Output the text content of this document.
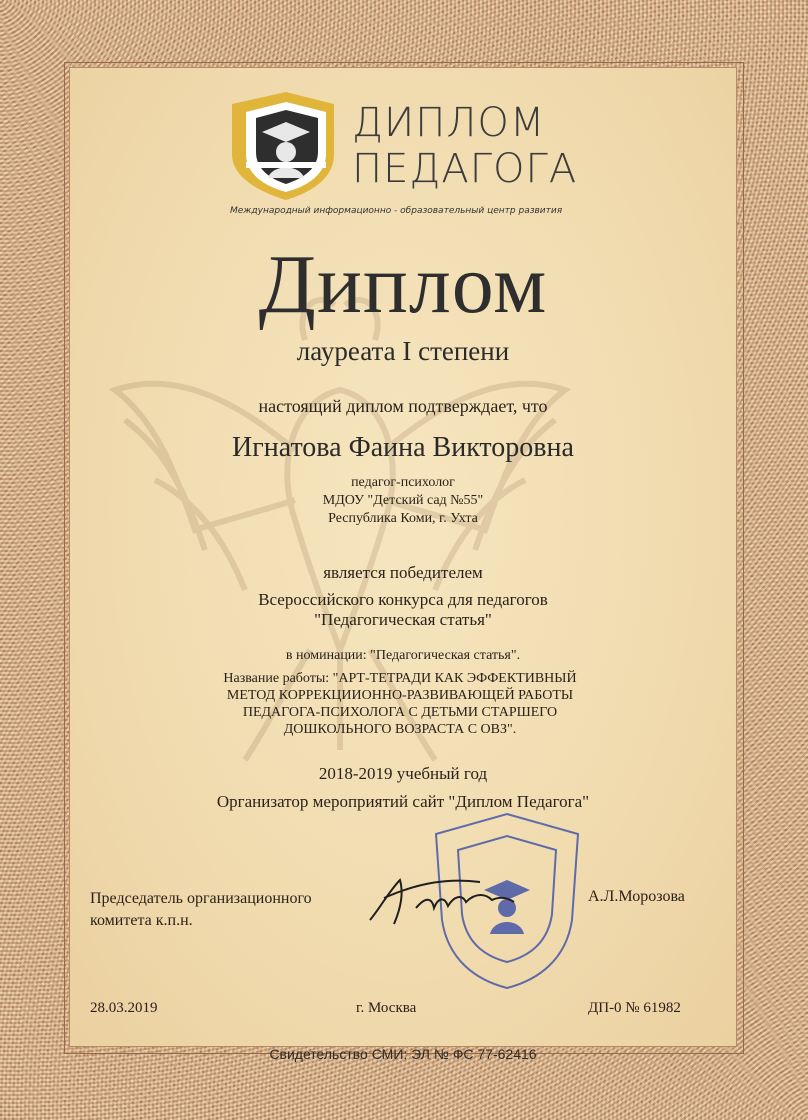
ДИПЛОМ
ПЕДАГОГА
Международный информационно - образовательный центр развития
Диплом
лауреата I степени
настоящий диплом подтверждает, что
Игнатова Фаина Викторовна
педагог-психолог
МДОУ "Детский сад №55"
Республика Коми, г. Ухта
является победителем
Всероссийского конкурса для педагогов
"Педагогическая статья"
в номинации: "Педагогическая статья".
Название работы: "АРТ-ТЕТРАДИ КАК ЭФФЕКТИВНЫЙ
МЕТОД КОРРЕКЦИИОННО-РАЗВИВАЮЩЕЙ РАБОТЫ
ПЕДАГОГА-ПСИХОЛОГА С ДЕТЬМИ СТАРШЕГО
ДОШКОЛЬНОГО ВОЗРАСТА С ОВЗ".
2018-2019 учебный год
Организатор мероприятий сайт "Диплом Педагога"
Председатель организационного
комитета к.п.н.
А.Л.Морозова
28.03.2019	г. Москва	ДП-0 № 61982
Свидетельство СМИ: ЭЛ № ФС 77-62416
